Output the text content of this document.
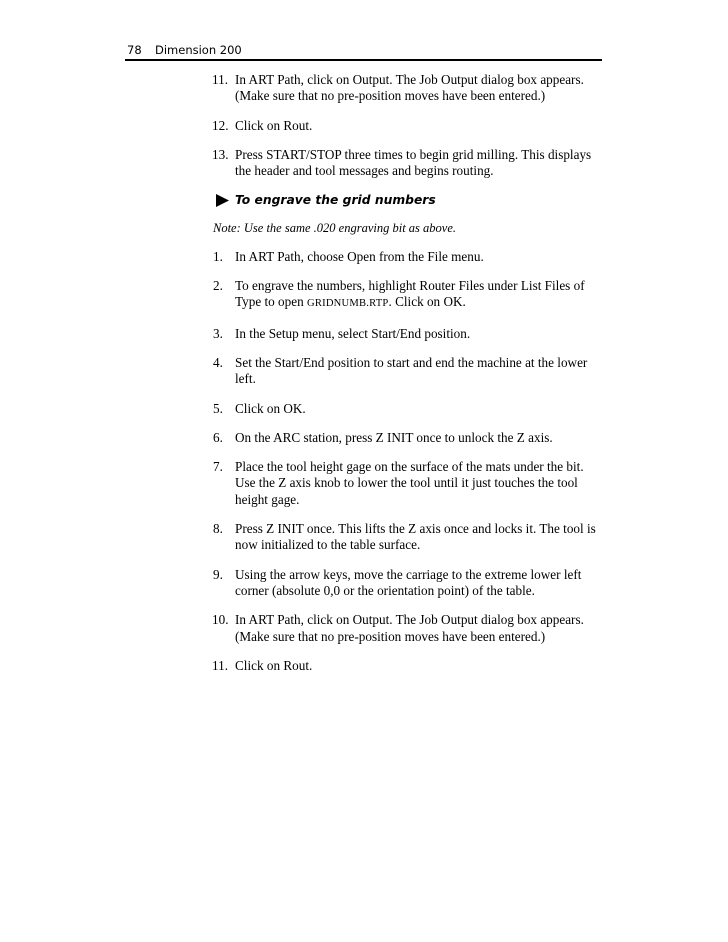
78 Dimension 200
11. In ART Path, click on Output. The Job Output dialog box appears. (Make sure that no pre-position moves have been entered.)
12. Click on Rout.
13. Press START/STOP three times to begin grid milling. This displays the header and tool messages and begins routing.
To engrave the grid numbers
Note: Use the same .020 engraving bit as above.
1. In ART Path, choose Open from the File menu.
2. To engrave the numbers, highlight Router Files under List Files of Type to open GRIDNUMB.RTP. Click on OK.
3. In the Setup menu, select Start/End position.
4. Set the Start/End position to start and end the machine at the lower left.
5. Click on OK.
6. On the ARC station, press Z INIT once to unlock the Z axis.
7. Place the tool height gage on the surface of the mats under the bit. Use the Z axis knob to lower the tool until it just touches the tool height gage.
8. Press Z INIT once. This lifts the Z axis once and locks it. The tool is now initialized to the table surface.
9. Using the arrow keys, move the carriage to the extreme lower left corner (absolute 0,0 or the orientation point) of the table.
10. In ART Path, click on Output. The Job Output dialog box appears. (Make sure that no pre-position moves have been entered.)
11. Click on Rout.
